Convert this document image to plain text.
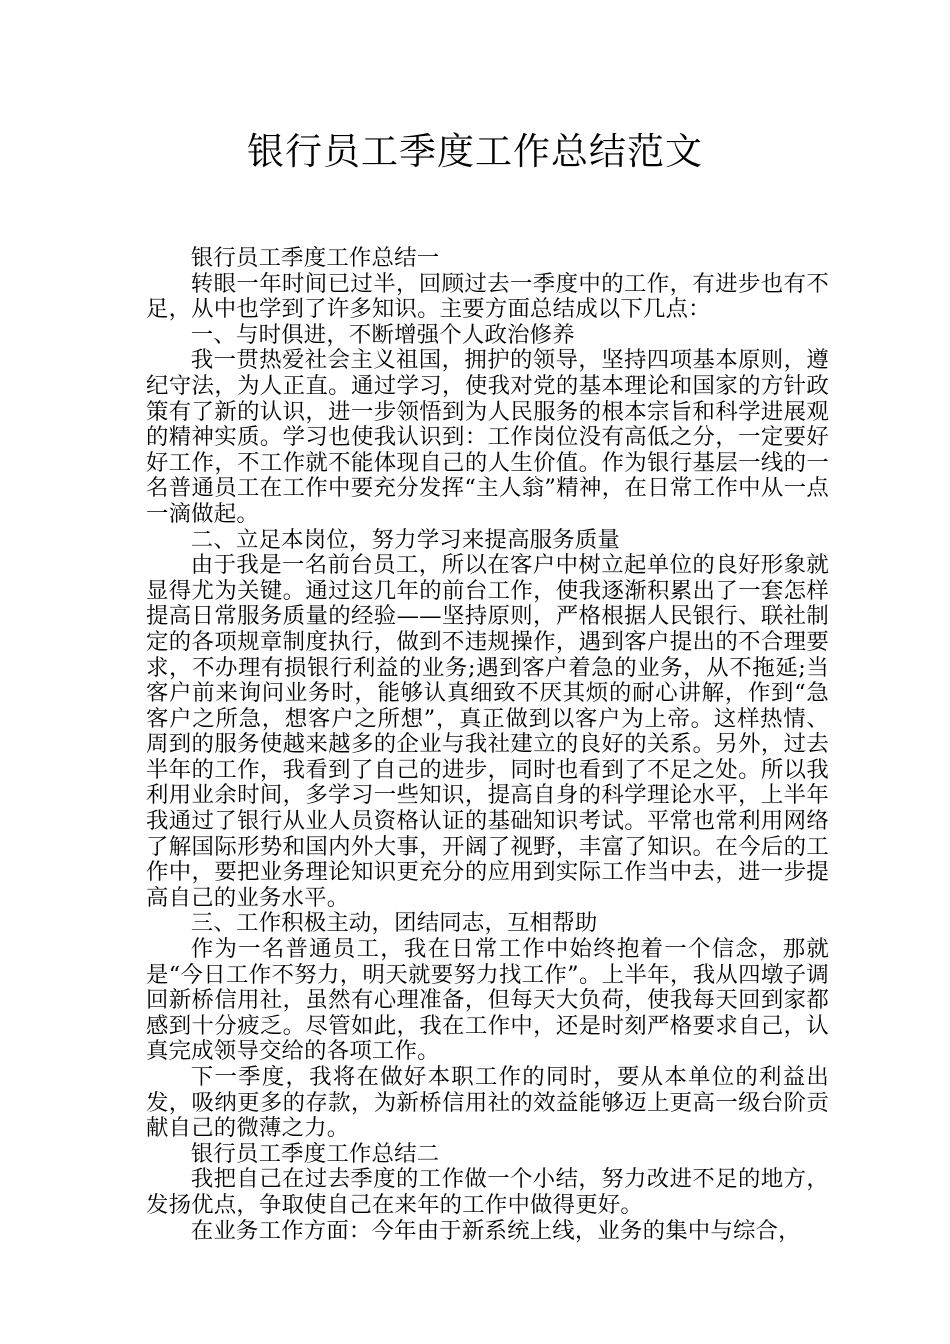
银行员工季度工作总结范文

银行员工季度工作总结一

转眼一年时间已过半，回顾过去一季度中的工作，有进步也有不足，从中也学到了许多知识。主要方面总结成以下几点：

一、与时俱进，不断增强个人政治修养

我一贯热爱社会主义祖国，拥护的领导，坚持四项基本原则，遵纪守法，为人正直。通过学习，使我对党的基本理论和国家的方针政策有了新的认识，进一步领悟到为人民服务的根本宗旨和科学进展观的精神实质。学习也使我认识到：工作岗位没有高低之分，一定要好好工作，不工作就不能体现自己的人生价值。作为银行基层一线的一名普通员工在工作中要充分发挥“主人翁”精神，在日常工作中从一点一滴做起。

二、立足本岗位，努力学习来提高服务质量

由于我是一名前台员工，所以在客户中树立起单位的良好形象就显得尤为关键。通过这几年的前台工作，使我逐渐积累出了一套怎样提高日常服务质量的经验——坚持原则，严格根据人民银行、联社制定的各项规章制度执行，做到不违规操作，遇到客户提出的不合理要求，不办理有损银行利益的业务;遇到客户着急的业务，从不拖延;当客户前来询问业务时，能够认真细致不厌其烦的耐心讲解，作到“急客户之所急，想客户之所想”，真正做到以客户为上帝。这样热情、周到的服务使越来越多的企业与我社建立的良好的关系。另外，过去半年的工作，我看到了自己的进步，同时也看到了不足之处。所以我利用业余时间，多学习一些知识，提高自身的科学理论水平，上半年我通过了银行从业人员资格认证的基础知识考试。平常也常利用网络了解国际形势和国内外大事，开阔了视野，丰富了知识。在今后的工作中，要把业务理论知识更充分的应用到实际工作当中去，进一步提高自己的业务水平。

三、工作积极主动，团结同志，互相帮助

作为一名普通员工，我在日常工作中始终抱着一个信念，那就是“今日工作不努力，明天就要努力找工作”。上半年，我从四墩子调回新桥信用社，虽然有心理准备，但每天大负荷，使我每天回到家都感到十分疲乏。尽管如此，我在工作中，还是时刻严格要求自己，认真完成领导交给的各项工作。

下一季度，我将在做好本职工作的同时，要从本单位的利益出发，吸纳更多的存款，为新桥信用社的效益能够迈上更高一级台阶贡献自己的微薄之力。

银行员工季度工作总结二

我把自己在过去季度的工作做一个小结，努力改进不足的地方，发扬优点，争取使自己在来年的工作中做得更好。

在业务工作方面：今年由于新系统上线，业务的集中与综合，
